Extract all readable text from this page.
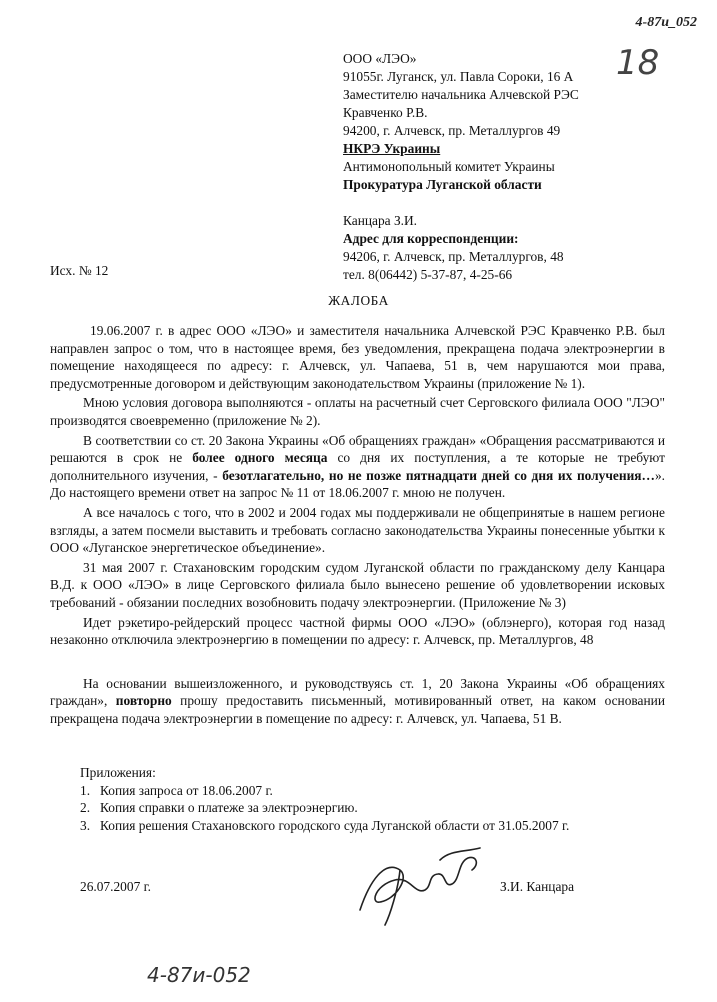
4-87и_052
18
ООО «ЛЭО»
91055г. Луганск, ул. Павла Сороки, 16 А
Заместителю начальника Алчевской РЭС
Кравченко Р.В.
94200, г. Алчевск, пр. Металлургов 49
НКРЭ Украины
Антимонопольный комитет Украины
Прокуратура Луганской области
Канцара З.И.
Адрес для корреспонденции:
94206, г. Алчевск, пр. Металлургов, 48
тел. 8(06442) 5-37-87, 4-25-66
Исх. № 12
ЖАЛОБА

19.06.2007 г. в адрес ООО «ЛЭО» и заместителя начальника Алчевской РЭС Кравченко Р.В. был направлен запрос о том, что в настоящее время, без уведомления, прекращена подача электроэнергии в помещение находящееся по адресу: г. Алчевск, ул. Чапаева, 51 в, чем нарушаются мои права, предусмотренные договором и действующим законодательством Украины (приложение № 1).

Мною условия договора выполняются - оплаты на расчетный счет Серговского филиала ООО "ЛЭО" производятся своевременно (приложение № 2).

В соответствии со ст. 20 Закона Украины «Об обращениях граждан» «Обращения рассматриваются и решаются в срок не более одного месяца со дня их поступления, а те которые не требуют дополнительного изучения, - безотлагательно, но не позже пятнадцати дней со дня их получения…». До настоящего времени ответ на запрос № 11 от 18.06.2007 г. мною не получен.

А все началось с того, что в 2002 и 2004 годах мы поддерживали не общепринятые в нашем регионе взгляды, а затем посмели выставить и требовать согласно законодательства Украины понесенные убытки к ООО «Луганское энергетическое объединение».

31 мая 2007 г. Стахановским городским судом Луганской области по гражданскому делу Канцара В.Д. к ООО «ЛЭО» в лице Серговского филиала было вынесено решение об удовлетворении исковых требований - обязании последних возобновить подачу электроэнергии. (Приложение № 3)

Идет рэкетиро-рейдерский процесс частной фирмы ООО «ЛЭО» (облэнерго), которая год назад незаконно отключила электроэнергию в помещении по адресу: г. Алчевск, пр. Металлургов, 48

На основании вышеизложенного, и руководствуясь ст. 1, 20 Закона Украины «Об обращениях граждан», повторно прошу предоставить письменный, мотивированный ответ, на каком основании прекращена подача электроэнергии в помещение по адресу: г. Алчевск, ул. Чапаева, 51 В.

Приложения:
1. Копия запроса от 18.06.2007 г.
2. Копия справки о платеже за электроэнергию.
3. Копия решения Стахановского городского суда Луганской области от 31.05.2007 г.
26.07.2007 г.	З.И. Канцара
4-87и-052
